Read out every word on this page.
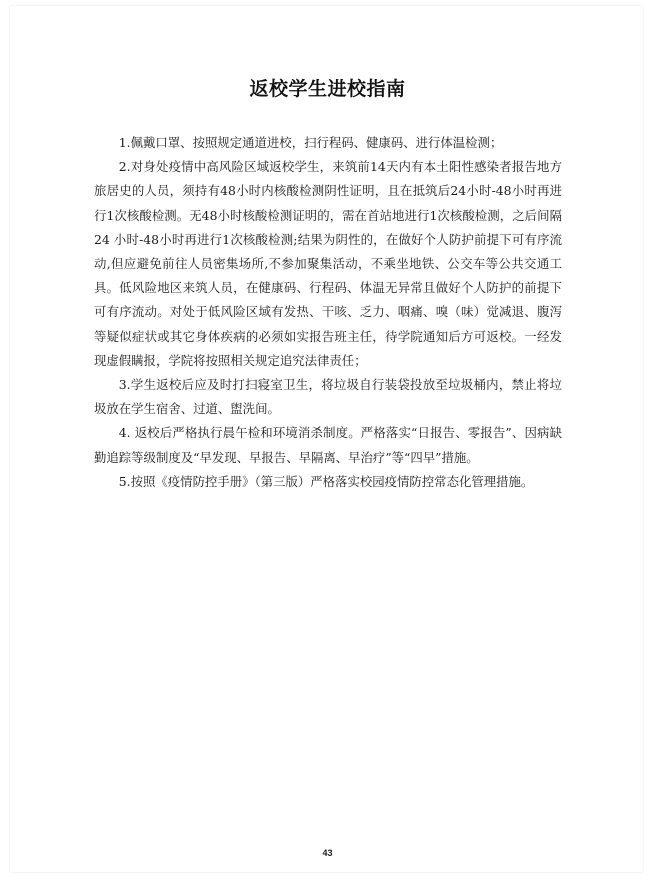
返校学生进校指南

1.佩戴口罩、按照规定通道进校，扫行程码、健康码、进行体温检测；

2.对身处疫情中高风险区域返校学生，来筑前14天内有本土阳性感染者报告地方旅居史的人员，须持有48小时内核酸检测阴性证明，且在抵筑后24小时-48小时再进行1次核酸检测。无48小时核酸检测证明的，需在首站地进行1次核酸检测，之后间隔24 小时-48小时再进行1次核酸检测;结果为阴性的，在做好个人防护前提下可有序流动,但应避免前往人员密集场所,不参加聚集活动，不乘坐地铁、公交车等公共交通工具。低风险地区来筑人员，在健康码、行程码、体温无异常且做好个人防护的前提下可有序流动。对处于低风险区域有发热、干咳、乏力、咽痛、嗅（味）觉减退、腹泻等疑似症状或其它身体疾病的必须如实报告班主任，待学院通知后方可返校。一经发现虚假瞒报，学院将按照相关规定追究法律责任；

3.学生返校后应及时打扫寝室卫生，将垃圾自行装袋投放至垃圾桶内，禁止将垃圾放在学生宿舍、过道、盥洗间。

4. 返校后严格执行晨午检和环境消杀制度。严格落实“日报告、零报告”、因病缺勤追踪等级制度及“早发现、早报告、早隔离、早治疗”等“四早”措施。

5.按照《疫情防控手册》（第三版）严格落实校园疫情防控常态化管理措施。

43
